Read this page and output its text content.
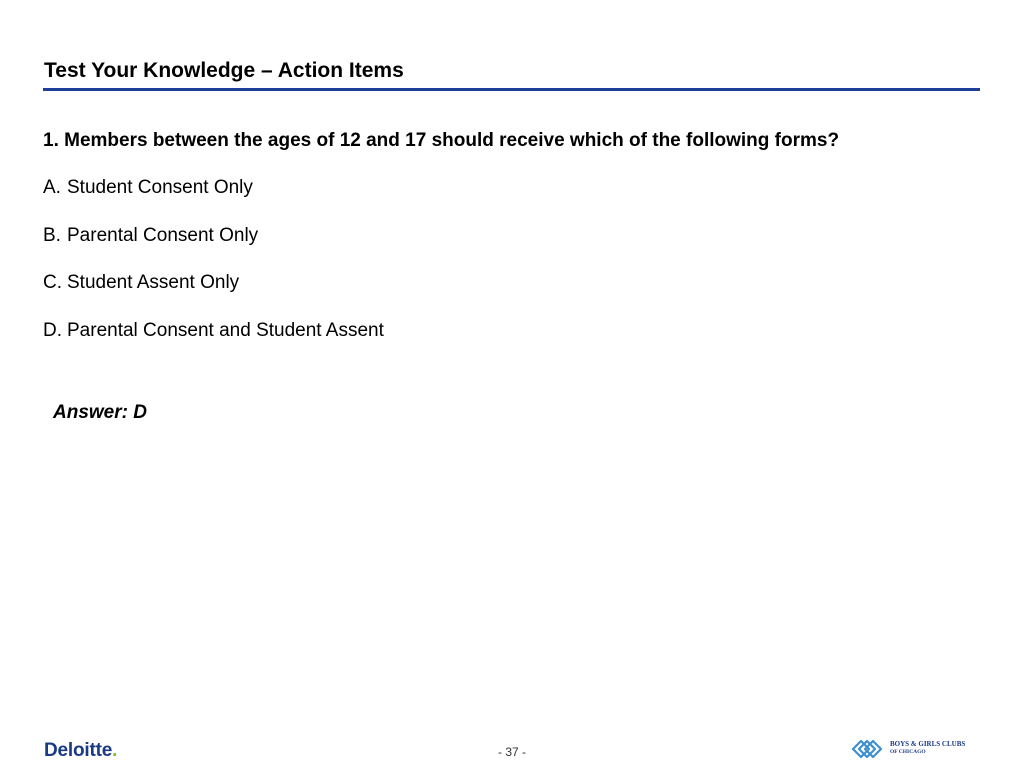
Test Your Knowledge – Action Items
1. Members between the ages of 12 and 17 should receive which of the following forms?
A. Student Consent Only
B. Parental Consent Only
C. Student Assent Only
D. Parental Consent and Student Assent
Answer: D
Deloitte.	- 37 -
BOYS & GIRLS CLUBS
OF CHICAGO
